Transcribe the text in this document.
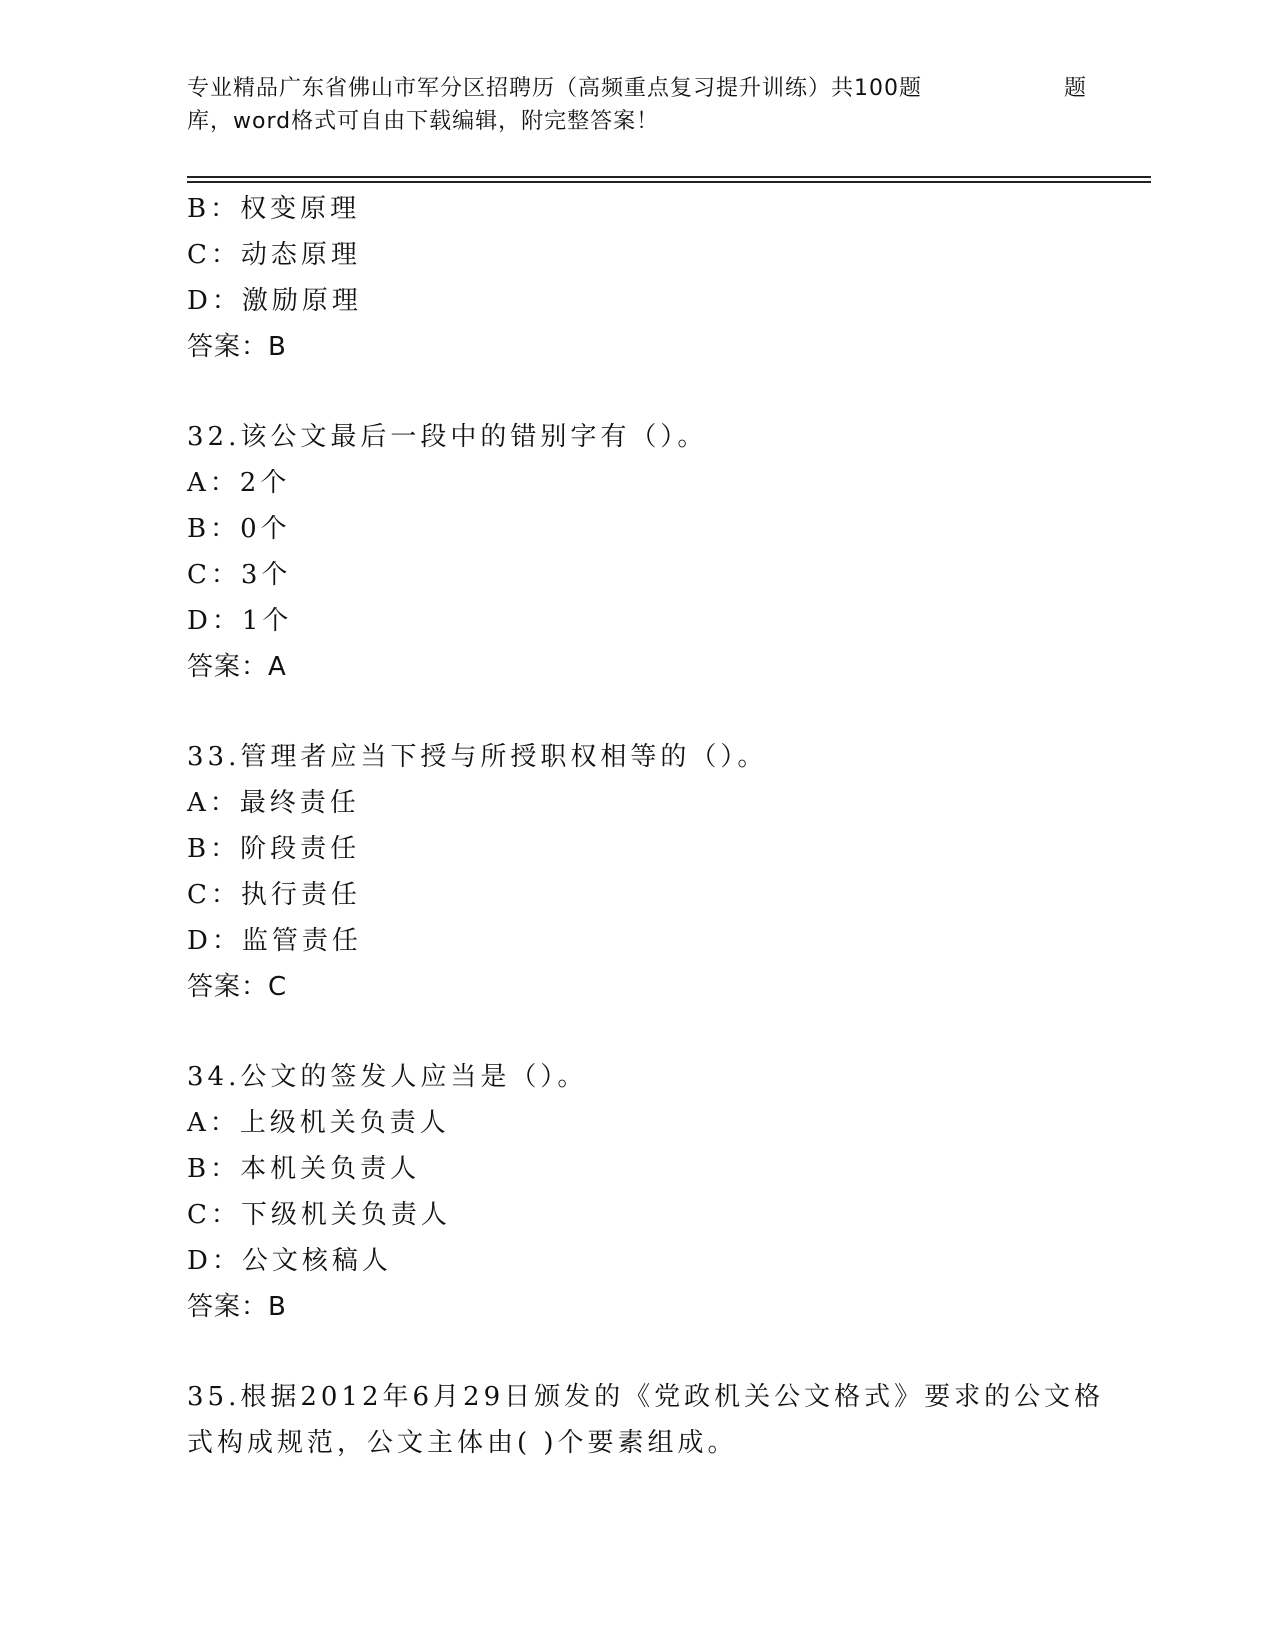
专业精品广东省佛山市军分区招聘历（高频重点复习提升训练）共100题	题
库，word格式可自由下载编辑，附完整答案！
B：权变原理
C：动态原理
D：激励原理
答案：B
32.该公文最后一段中的错别字有（）。
A：2个
B：0个
C：3个
D：1个
答案：A
33.管理者应当下授与所授职权相等的（）。
A：最终责任
B：阶段责任
C：执行责任
D：监管责任
答案：C
34.公文的签发人应当是（）。
A：上级机关负责人
B：本机关负责人
C：下级机关负责人
D：公文核稿人
答案：B
35.根据2012年6月29日颁发的《党政机关公文格式》要求的公文格
式构成规范，公文主体由( )个要素组成。
